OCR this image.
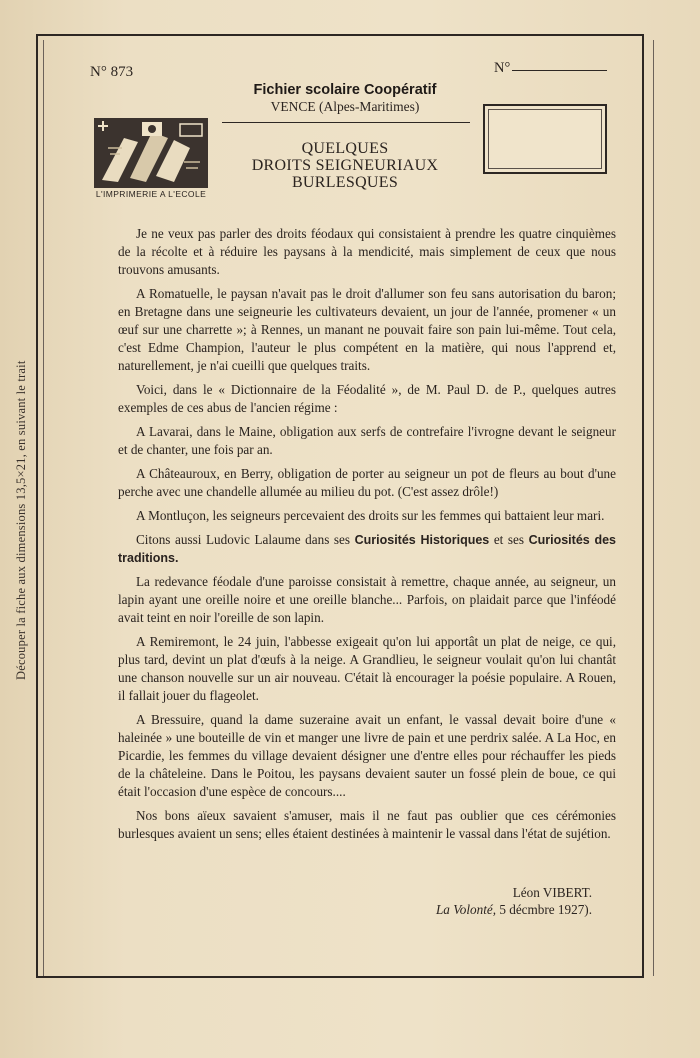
Découper la fiche aux dimensions 13,5×21, en suivant le trait
N° 873
Fichier scolaire Coopératif
VENCE (Alpes-Maritimes)
QUELQUES
DROITS SEIGNEURIAUX
BURLESQUES
N°
L'IMPRIMERIE A L'ECOLE

Je ne veux pas parler des droits féodaux qui consistaient à prendre les quatre cinquièmes de la récolte et à réduire les paysans à la mendicité, mais simplement de ceux que nous trouvons amusants.

A Romatuelle, le paysan n'avait pas le droit d'allumer son feu sans autorisation du baron; en Bretagne dans une seigneurie les cultivateurs devaient, un jour de l'année, promener « un œuf sur une charrette »; à Rennes, un manant ne pouvait faire son pain lui-même. Tout cela, c'est Edme Champion, l'auteur le plus compétent en la matière, qui nous l'apprend et, naturellement, je n'ai cueilli que quelques traits.

Voici, dans le « Dictionnaire de la Féodalité », de M. Paul D. de P., quelques autres exemples de ces abus de l'ancien régime :

A Lavarai, dans le Maine, obligation aux serfs de contrefaire l'ivrogne devant le seigneur et de chanter, une fois par an.

A Châteauroux, en Berry, obligation de porter au seigneur un pot de fleurs au bout d'une perche avec une chandelle allumée au milieu du pot. (C'est assez drôle!)

A Montluçon, les seigneurs percevaient des droits sur les femmes qui battaient leur mari.

Citons aussi Ludovic Lalaume dans ses Curiosités Historiques et ses Curiosités des traditions.

La redevance féodale d'une paroisse consistait à remettre, chaque année, au seigneur, un lapin ayant une oreille noire et une oreille blanche... Parfois, on plaidait parce que l'inféodé avait teint en noir l'oreille de son lapin.

A Remiremont, le 24 juin, l'abbesse exigeait qu'on lui apportât un plat de neige, ce qui, plus tard, devint un plat d'œufs à la neige. A Grandlieu, le seigneur voulait qu'on lui chantât une chanson nouvelle sur un air nouveau. C'était là encourager la poésie populaire. A Rouen, il fallait jouer du flageolet.

A Bressuire, quand la dame suzeraine avait un enfant, le vassal devait boire d'une « haleinée » une bouteille de vin et manger une livre de pain et une perdrix salée. A La Hoc, en Picardie, les femmes du village devaient désigner une d'entre elles pour réchauffer les pieds de la châteleine. Dans le Poitou, les paysans devaient sauter un fossé plein de boue, ce qui était l'occasion d'une espèce de concours....

Nos bons aïeux savaient s'amuser, mais il ne faut pas oublier que ces cérémonies burlesques avaient un sens; elles étaient destinées à maintenir le vassal dans l'état de sujétion.

Léon VIBERT.
La Volonté, 5 décmbre 1927).
